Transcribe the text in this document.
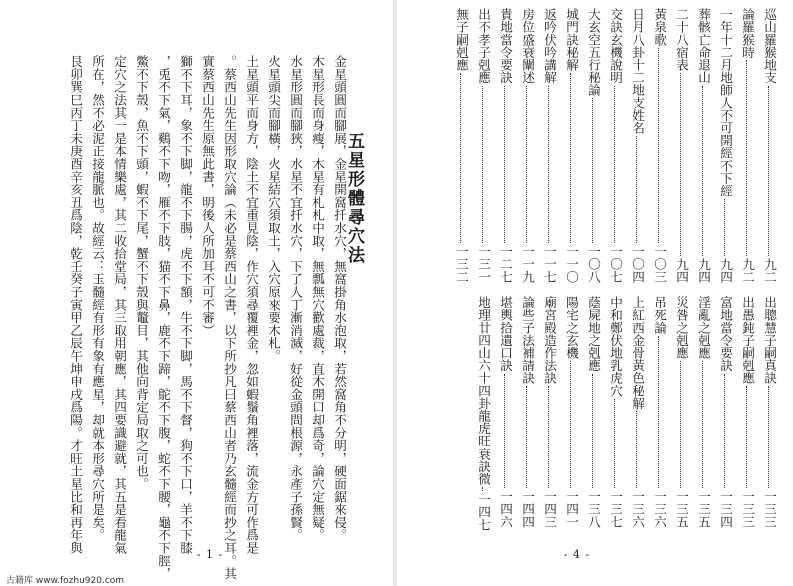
五星形體尋穴法

金星頭圓而腳展，金星開窩扦水穴，無窩掛角水泡取，若然窩角不分明，硬面鋸來侵。

木星形長而身瘦，木星有札札中取，無瓢無穴歡處裁，直木開口却爲奇，論穴定無疑。

水星形圓而腳狹，水星不宜扦水穴，下了人丁漸消滅，好從金頭問根源，永產子孫賢。

火星頭尖而腳橫，火星結穴須取土，入穴原來要木札。

土星頭平而身方，陰土不宜重見陰，作穴須尋覆裡金，忽如蝦鬚角裡落，流金方可作爲是

。蔡西山先生因形取穴論（未必是蔡西山之書，以下所抄凡曰蔡西山者乃玄髓經而抄之耳。其

實蔡西山先生原無此書，明後人所加耳不可不審）

獅不下耳，象不下脚，龍不下腸，虎不下額，牛不下脚，馬不下督，狗不下口，羊不下膝

，兎不下氣，鷄不下吻，雁不下肢，猫不下鼻，鹿不下蹄，鴕不下腹，蛇不下腰，龜不下脛，

鱉不下殼，魚不下頭，蝦不下尾，蟹不下殼與鼇目，其他向背定局取之可也。

定穴之法其一是本情樂處，其二收拾堂局，其三取用朝應，其四要識避就，其五是看龍氣

所在，然不必泥正接龍脈也。故經云：玉髓經有形有象有應星，却就本形尋穴所是矣。

艮卯巽巳丙丁未庚酉辛亥丑爲陰，乾壬癸子寅甲乙辰午坤申戌爲陽。才旺土星比和再年與

- 1 -

古籍库 www.fozhu920.com

巡山羅猴地支
九二
論羅猴時
九二
一年十二月地師人不可開經不下經
九四
葬骸亡命退山
九四
二十八宿表
九四
黃泉歌
一〇三
日月八卦十二地支姓名
一〇四
交訣玄機說明
一〇七
大玄空五行秘論
一〇八
城門訣秘解
一一〇
返吟伏吟講解
一一七
房位盛衰闡述
一一九
貴地當令要訣
一二七
出不孝子剋應
一三一
無子嗣剋應
一三二
出聰慧子嗣真訣
一三三
出愚鈍子嗣剋應
一三三
富地當令要訣
一三四
淫亂之剋應
一三五
災咎之剋應
一三五
吊死論
一三六
上紅西金骨黃色秘解
一三六
中和鄭伏地乳虎穴
一三七
蔭屍地之剋應
一三八
陽宅之玄機
一四一
廟宮殿造作法訣
一四三
論些子法補請訣
一四四
堪輿拾遺口訣
一四六
地理廿四山六十四卦龍虎旺衰訣微
一四七

- 4 -
